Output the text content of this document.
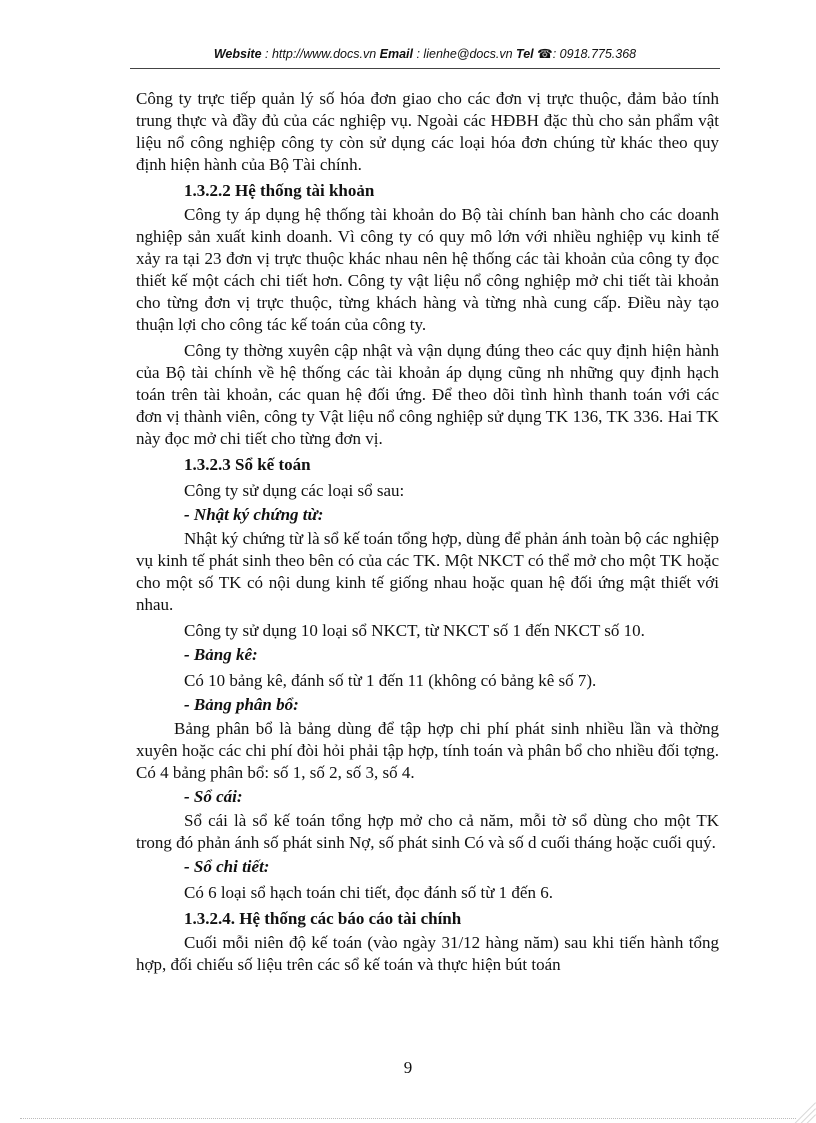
Website : http://www.docs.vn Email : lienhe@docs.vn Tel ☎: 0918.775.368

Công ty trực tiếp quản lý số hóa đơn giao cho các đơn vị trực thuộc, đảm bảo tính trung thực và đầy đủ của các nghiệp vụ. Ngoài các HĐBH đặc thù cho sản phẩm vật liệu nổ công nghiệp công ty còn sử dụng các loại hóa đơn chúng từ khác theo quy định hiện hành của Bộ Tài chính.

1.3.2.2 Hệ thống tài khoản

Công ty áp dụng hệ thống tài khoản do Bộ tài chính ban hành cho các doanh nghiệp sản xuất kinh doanh. Vì công ty có quy mô lớn với nhiều nghiệp vụ kinh tế xảy ra tại 23 đơn vị trực thuộc khác nhau nên hệ thống các tài khoản của công ty đọc thiết kế một cách chi tiết hơn. Công ty vật liệu nổ công nghiệp mở chi tiết tài khoản cho từng đơn vị trực thuộc, từng khách hàng và từng nhà cung cấp. Điều này tạo thuận lợi cho công tác kế toán của công ty.

Công ty thờng xuyên cập nhật và vận dụng đúng theo các quy định hiện hành của Bộ tài chính về hệ thống các tài khoản áp dụng cũng nh những quy định hạch toán trên tài khoản, các quan hệ đối ứng. Để theo dõi tình hình thanh toán với các đơn vị thành viên, công ty Vật liệu nổ công nghiệp sử dụng TK 136, TK 336. Hai TK này đọc mở chi tiết cho từng đơn vị.

1.3.2.3 Sổ kế toán

Công ty sử dụng các loại sổ sau:

- Nhật ký chứng từ:

Nhật ký chứng từ là sổ kế toán tổng hợp, dùng để phản ánh toàn bộ các nghiệp vụ kinh tế phát sinh theo bên có của các TK. Một NKCT có thể mở cho một TK hoặc cho một số TK có nội dung kinh tế giống nhau hoặc quan hệ đối ứng mật thiết với nhau.

Công ty sử dụng 10 loại sổ NKCT, từ NKCT số 1 đến NKCT số 10.

- Bảng kê:

Có 10 bảng kê, đánh số từ 1 đến 11 (không có bảng kê số 7).

- Bảng phân bổ:

Bảng phân bổ là bảng dùng để tập hợp chi phí phát sinh nhiều lần và thờng xuyên hoặc các chi phí đòi hỏi phải tập hợp, tính toán và phân bổ cho nhiều đối tợng. Có 4 bảng phân bổ: số 1, số 2, số 3, số 4.

- Sổ cái:

Sổ cái là sổ kế toán tổng hợp mở cho cả năm, mỗi tờ sổ dùng cho một TK trong đó phản ánh số phát sinh Nợ, số phát sinh Có và số d cuối tháng hoặc cuối quý.

- Sổ chi tiết:

Có 6 loại sổ hạch toán chi tiết, đọc đánh số từ 1 đến 6.

1.3.2.4. Hệ thống các báo cáo tài chính

Cuối mỗi niên độ kế toán (vào ngày 31/12 hàng năm) sau khi tiến hành tổng hợp, đối chiếu số liệu trên các sổ kế toán và thực hiện bút toán

9
